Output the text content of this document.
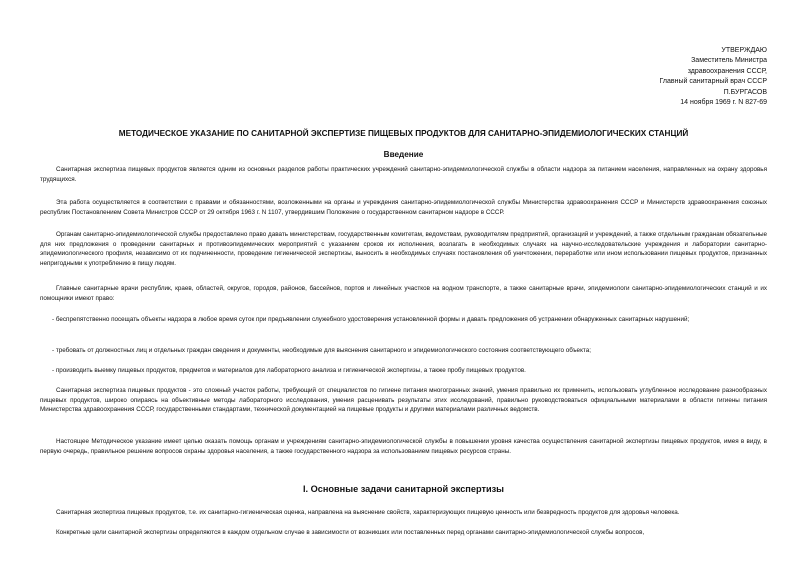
УТВЕРЖДАЮ
Заместитель Министра
здравоохранения СССР,
Главный санитарный врач СССР
П.БУРГАСОВ
14 ноября 1969 г. N 827-69
МЕТОДИЧЕСКОЕ УКАЗАНИЕ ПО САНИТАРНОЙ ЭКСПЕРТИЗЕ ПИЩЕВЫХ ПРОДУКТОВ ДЛЯ САНИТАРНО-ЭПИДЕМИОЛОГИЧЕСКИХ СТАНЦИЙ
Введение

Санитарная экспертиза пищевых продуктов является одним из основных разделов работы практических учреждений санитарно-эпидемиологической службы в области надзора за питанием населения, направленных на охрану здоровья трудящихся.

Эта работа осуществляется в соответствии с правами и обязанностями, возложенными на органы и учреждения санитарно-эпидемиологической службы Министерства здравоохранения СССР и Министерств здравоохранения союзных республик Постановлением Совета Министров СССР от 29 октября 1963 г. N 1107, утвердившим Положение о государственном санитарном надзоре в СССР.

Органам санитарно-эпидемиологической службы предоставлено право давать министерствам, государственным комитетам, ведомствам, руководителям предприятий, организаций и учреждений, а также отдельным гражданам обязательные для них предложения о проведении санитарных и противоэпидемических мероприятий с указанием сроков их исполнения, возлагать в необходимых случаях на научно-исследовательские учреждения и лаборатории санитарно-эпидемиологического профиля, независимо от их подчиненности, проведение гигиенической экспертизы, выносить в необходимых случаях постановления об уничтожении, переработке или ином использовании пищевых продуктов, признанных непригодными к употреблению в пищу людям.

Главные санитарные врачи республик, краев, областей, округов, городов, районов, бассейнов, портов и линейных участков на водном транспорте, а также санитарные врачи, эпидемиологи санитарно-эпидемиологических станций и их помощники имеют право:

- беспрепятственно посещать объекты надзора в любое время суток при предъявлении служебного удостоверения установленной формы и давать предложения об устранении обнаруженных санитарных нарушений;

- требовать от должностных лиц и отдельных граждан сведения и документы, необходимые для выяснения санитарного и эпидемиологического состояния соответствующего объекта;

- производить выемку пищевых продуктов, предметов и материалов для лабораторного анализа и гигиенической экспертизы, а также пробу пищевых продуктов.

Санитарная экспертиза пищевых продуктов - это сложный участок работы, требующий от специалистов по гигиене питания многогранных знаний, умения правильно их применить, использовать углубленное исследование разнообразных пищевых продуктов, широко опираясь на объективные методы лабораторного исследования, умения расценивать результаты этих исследований, правильно руководствоваться официальными материалами в области гигиены питания Министерства здравоохранения СССР, государственными стандартами, технической документацией на пищевые продукты и другими материалами различных ведомств.

Настоящее Методическое указание имеет целью оказать помощь органам и учреждениям санитарно-эпидемиологической службы в повышении уровня качества осуществления санитарной экспертизы пищевых продуктов, имея в виду, в первую очередь, правильное решение вопросов охраны здоровья населения, а также государственного надзора за использованием пищевых ресурсов страны.

I. Основные задачи санитарной экспертизы

Санитарная экспертиза пищевых продуктов, т.е. их санитарно-гигиеническая оценка, направлена на выяснение свойств, характеризующих пищевую ценность или безвредность продуктов для здоровья человека.

Конкретные цели санитарной экспертизы определяются в каждом отдельном случае в зависимости от возникших или поставленных перед органами санитарно-эпидемиологической службы вопросов,
